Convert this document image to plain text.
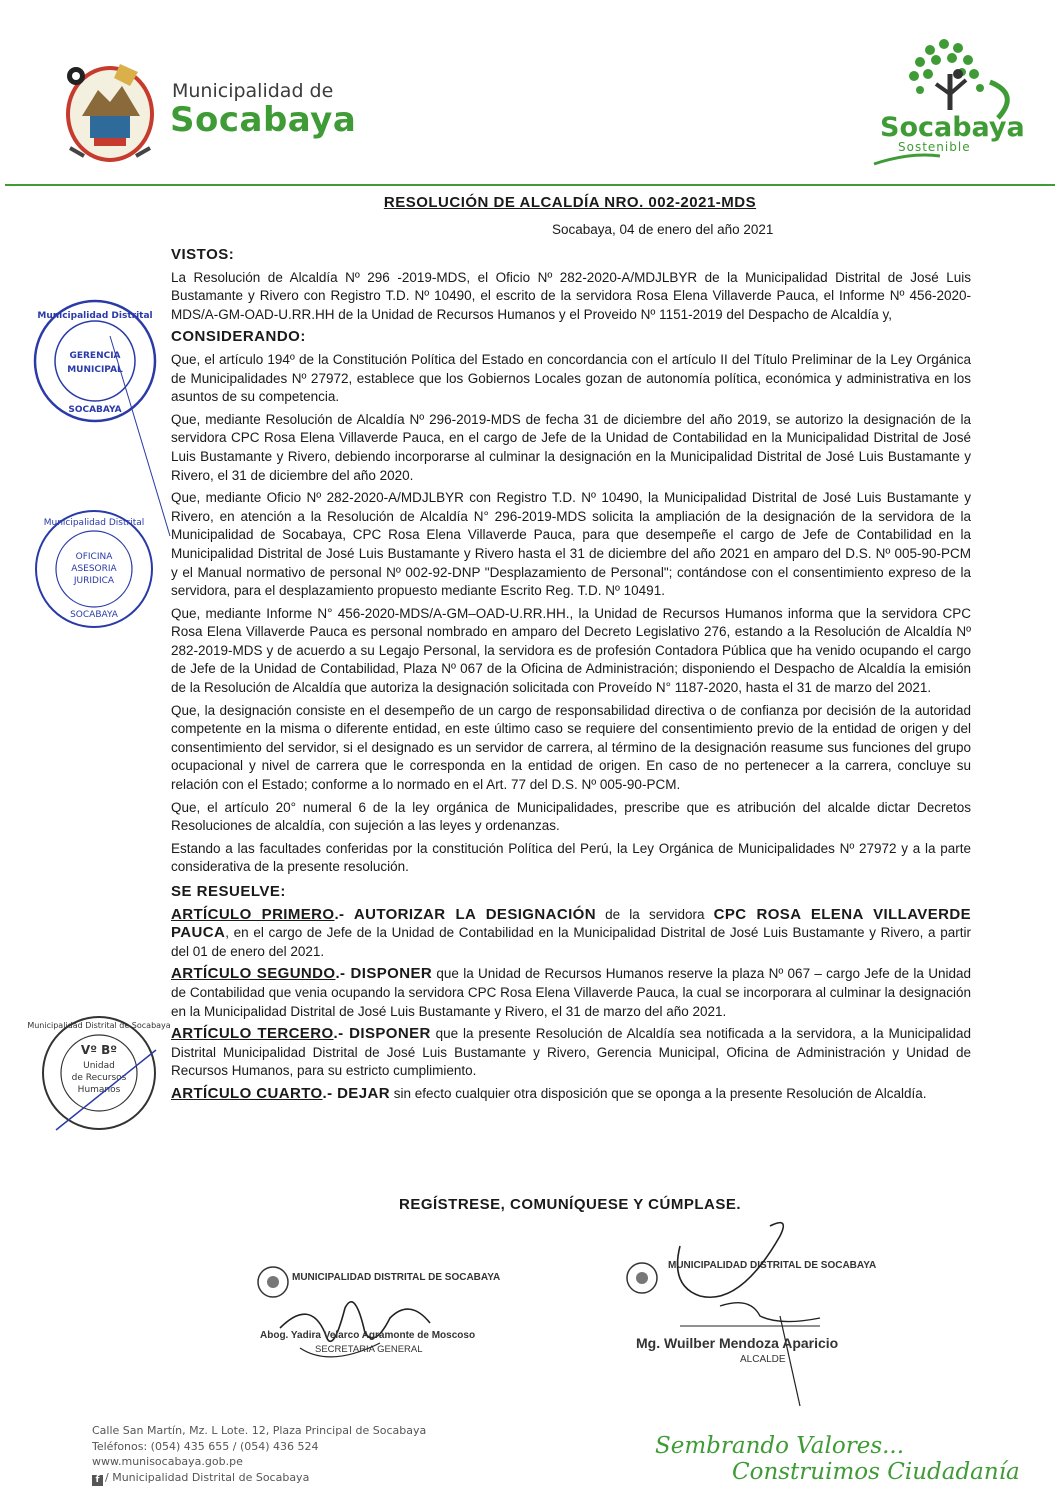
Municipalidad de
Socabaya	Socabaya
Sostenible
RESOLUCIÓN DE ALCALDÍA NRO. 002-2021-MDS
Socabaya, 04 de enero del año 2021

VISTOS:

La Resolución de Alcaldía Nº 296 -2019-MDS, el Oficio Nº 282-2020-A/MDJLBYR de la Municipalidad Distrital de José Luis Bustamante y Rivero con Registro T.D. Nº 10490, el escrito de la servidora Rosa Elena Villaverde Pauca, el Informe Nº 456-2020-MDS/A-GM-OAD-U.RR.HH de la Unidad de Recursos Humanos y el Proveido Nº 1151-2019 del Despacho de Alcaldía y,

CONSIDERANDO:

Que, el artículo 194º de la Constitución Política del Estado en concordancia con el artículo II del Título Preliminar de la Ley Orgánica de Municipalidades Nº 27972, establece que los Gobiernos Locales gozan de autonomía política, económica y administrativa en los asuntos de su competencia.

Que, mediante Resolución de Alcaldía Nº 296-2019-MDS de fecha 31 de diciembre del año 2019, se autorizo la designación de la servidora CPC Rosa Elena Villaverde Pauca, en el cargo de Jefe de la Unidad de Contabilidad en la Municipalidad Distrital de José Luis Bustamante y Rivero, debiendo incorporarse al culminar la designación en la Municipalidad Distrital de José Luis Bustamante y Rivero, el 31 de diciembre del año 2020.

Que, mediante Oficio Nº 282-2020-A/MDJLBYR con Registro T.D. Nº 10490, la Municipalidad Distrital de José Luis Bustamante y Rivero, en atención a la Resolución de Alcaldía N° 296-2019-MDS solicita la ampliación de la designación de la servidora de la Municipalidad de Socabaya, CPC Rosa Elena Villaverde Pauca, para que desempeñe el cargo de Jefe de Contabilidad en la Municipalidad Distrital de José Luis Bustamante y Rivero hasta el 31 de diciembre del año 2021 en amparo del D.S. Nº 005-90-PCM y el Manual normativo de personal Nº 002-92-DNP "Desplazamiento de Personal"; contándose con el consentimiento expreso de la servidora, para el desplazamiento propuesto mediante Escrito Reg. T.D. Nº 10491.

Que, mediante Informe N° 456-2020-MDS/A-GM–OAD-U.RR.HH., la Unidad de Recursos Humanos informa que la servidora CPC Rosa Elena Villaverde Pauca es personal nombrado en amparo del Decreto Legislativo 276, estando a la Resolución de Alcaldía Nº 282-2019-MDS y de acuerdo a su Legajo Personal, la servidora es de profesión Contadora Pública que ha venido ocupando el cargo de Jefe de la Unidad de Contabilidad, Plaza Nº 067 de la Oficina de Administración; disponiendo el Despacho de Alcaldía la emisión de la Resolución de Alcaldía que autoriza la designación solicitada con Proveído N° 1187-2020, hasta el 31 de marzo del 2021.

Que, la designación consiste en el desempeño de un cargo de responsabilidad directiva o de confianza por decisión de la autoridad competente en la misma o diferente entidad, en este último caso se requiere del consentimiento previo de la entidad de origen y del consentimiento del servidor, si el designado es un servidor de carrera, al término de la designación reasume sus funciones del grupo ocupacional y nivel de carrera que le corresponda en la entidad de origen. En caso de no pertenecer a la carrera, concluye su relación con el Estado; conforme a lo normado en el Art. 77 del D.S. Nº 005-90-PCM.

Que, el artículo 20° numeral 6 de la ley orgánica de Municipalidades, prescribe que es atribución del alcalde dictar Decretos Resoluciones de alcaldía, con sujeción a las leyes y ordenanzas.

Estando a las facultades conferidas por la constitución Política del Perú, la Ley Orgánica de Municipalidades Nº 27972 y a la parte considerativa de la presente resolución.

SE RESUELVE:

ARTÍCULO PRIMERO.- AUTORIZAR LA DESIGNACIÓN de la servidora CPC ROSA ELENA VILLAVERDE PAUCA, en el cargo de Jefe de la Unidad de Contabilidad en la Municipalidad Distrital de José Luis Bustamante y Rivero, a partir del 01 de enero del 2021.

ARTÍCULO SEGUNDO.- DISPONER que la Unidad de Recursos Humanos reserve la plaza Nº 067 – cargo Jefe de la Unidad de Contabilidad que venia ocupando la servidora CPC Rosa Elena Villaverde Pauca, la cual se incorporara al culminar la designación en la Municipalidad Distrital de José Luis Bustamante y Rivero, el 31 de marzo del año 2021.

ARTÍCULO TERCERO.- DISPONER que la presente Resolución de Alcaldía sea notificada a la servidora, a la Municipalidad Distrital Municipalidad Distrital de José Luis Bustamante y Rivero, Gerencia Municipal, Oficina de Administración y Unidad de Recursos Humanos, para su estricto cumplimiento.

ARTÍCULO CUARTO.- DEJAR sin efecto cualquier otra disposición que se oponga a la presente Resolución de Alcaldía.

REGÍSTRESE, COMUNÍQUESE Y CÚMPLASE.
Municipalidad Distrital
GERENCIA
MUNICIPAL
SOCABAYA
Municipalidad Distrital
OFICINA
ASESORIA
JURIDICA
SOCABAYA
Municipalidad Distrital de Socabaya
Vº Bº
Unidad
de Recursos
Humanos
MUNICIPALIDAD DISTRITAL DE SOCABAYA
Abog. Yadira Velarco Agramonte de Moscoso
SECRETARIA GENERAL
MUNICIPALIDAD DISTRITAL DE SOCABAYA
Mg. Wuilber Mendoza Aparicio
ALCALDE
Calle San Martín, Mz. L Lote. 12, Plaza Principal de Socabaya
Teléfonos: (054) 435 655 / (054) 436 524
www.munisocabaya.gob.pe
f / Municipalidad Distrital de Socabaya
Sembrando Valores...
Construimos Ciudadanía
